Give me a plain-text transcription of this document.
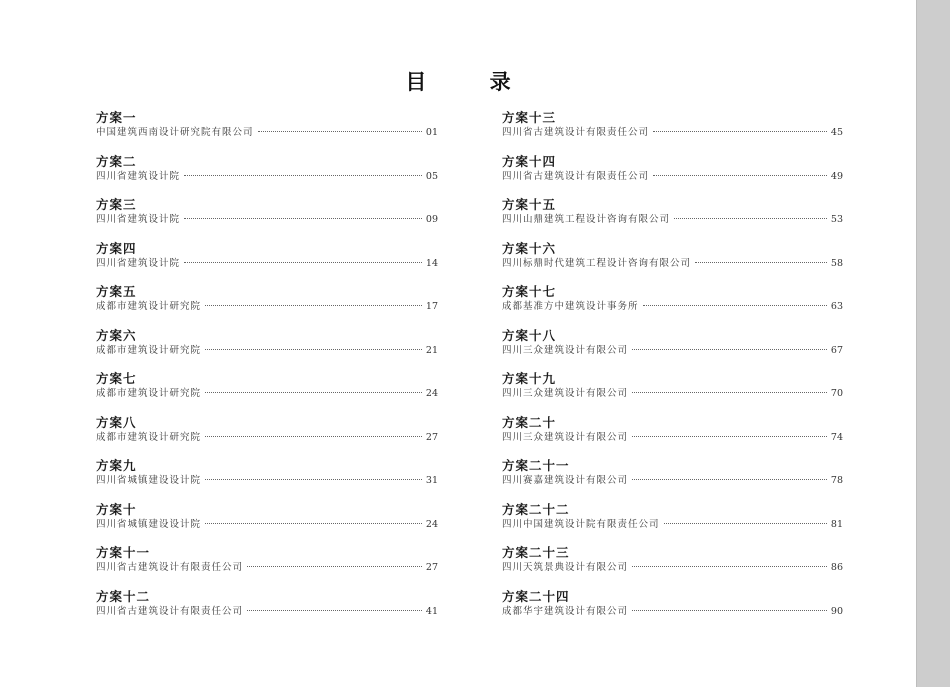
目 录
方案一
中国建筑西南设计研究院有限公司	01
方案二
四川省建筑设计院	05
方案三
四川省建筑设计院	09
方案四
四川省建筑设计院	14
方案五
成都市建筑设计研究院	17
方案六
成都市建筑设计研究院	21
方案七
成都市建筑设计研究院	24
方案八
成都市建筑设计研究院	27
方案九
四川省城镇建设设计院	31
方案十
四川省城镇建设设计院	24
方案十一
四川省古建筑设计有限责任公司	27
方案十二
四川省古建筑设计有限责任公司	41
方案十三
四川省古建筑设计有限责任公司	45
方案十四
四川省古建筑设计有限责任公司	49
方案十五
四川山鼎建筑工程设计咨询有限公司	53
方案十六
四川标鼎时代建筑工程设计咨询有限公司	58
方案十七
成都基准方中建筑设计事务所	63
方案十八
四川三众建筑设计有限公司	67
方案十九
四川三众建筑设计有限公司	70
方案二十
四川三众建筑设计有限公司	74
方案二十一
四川赛嘉建筑设计有限公司	78
方案二十二
四川中国建筑设计院有限责任公司	81
方案二十三
四川天筑景典设计有限公司	86
方案二十四
成都华宇建筑设计有限公司	90
